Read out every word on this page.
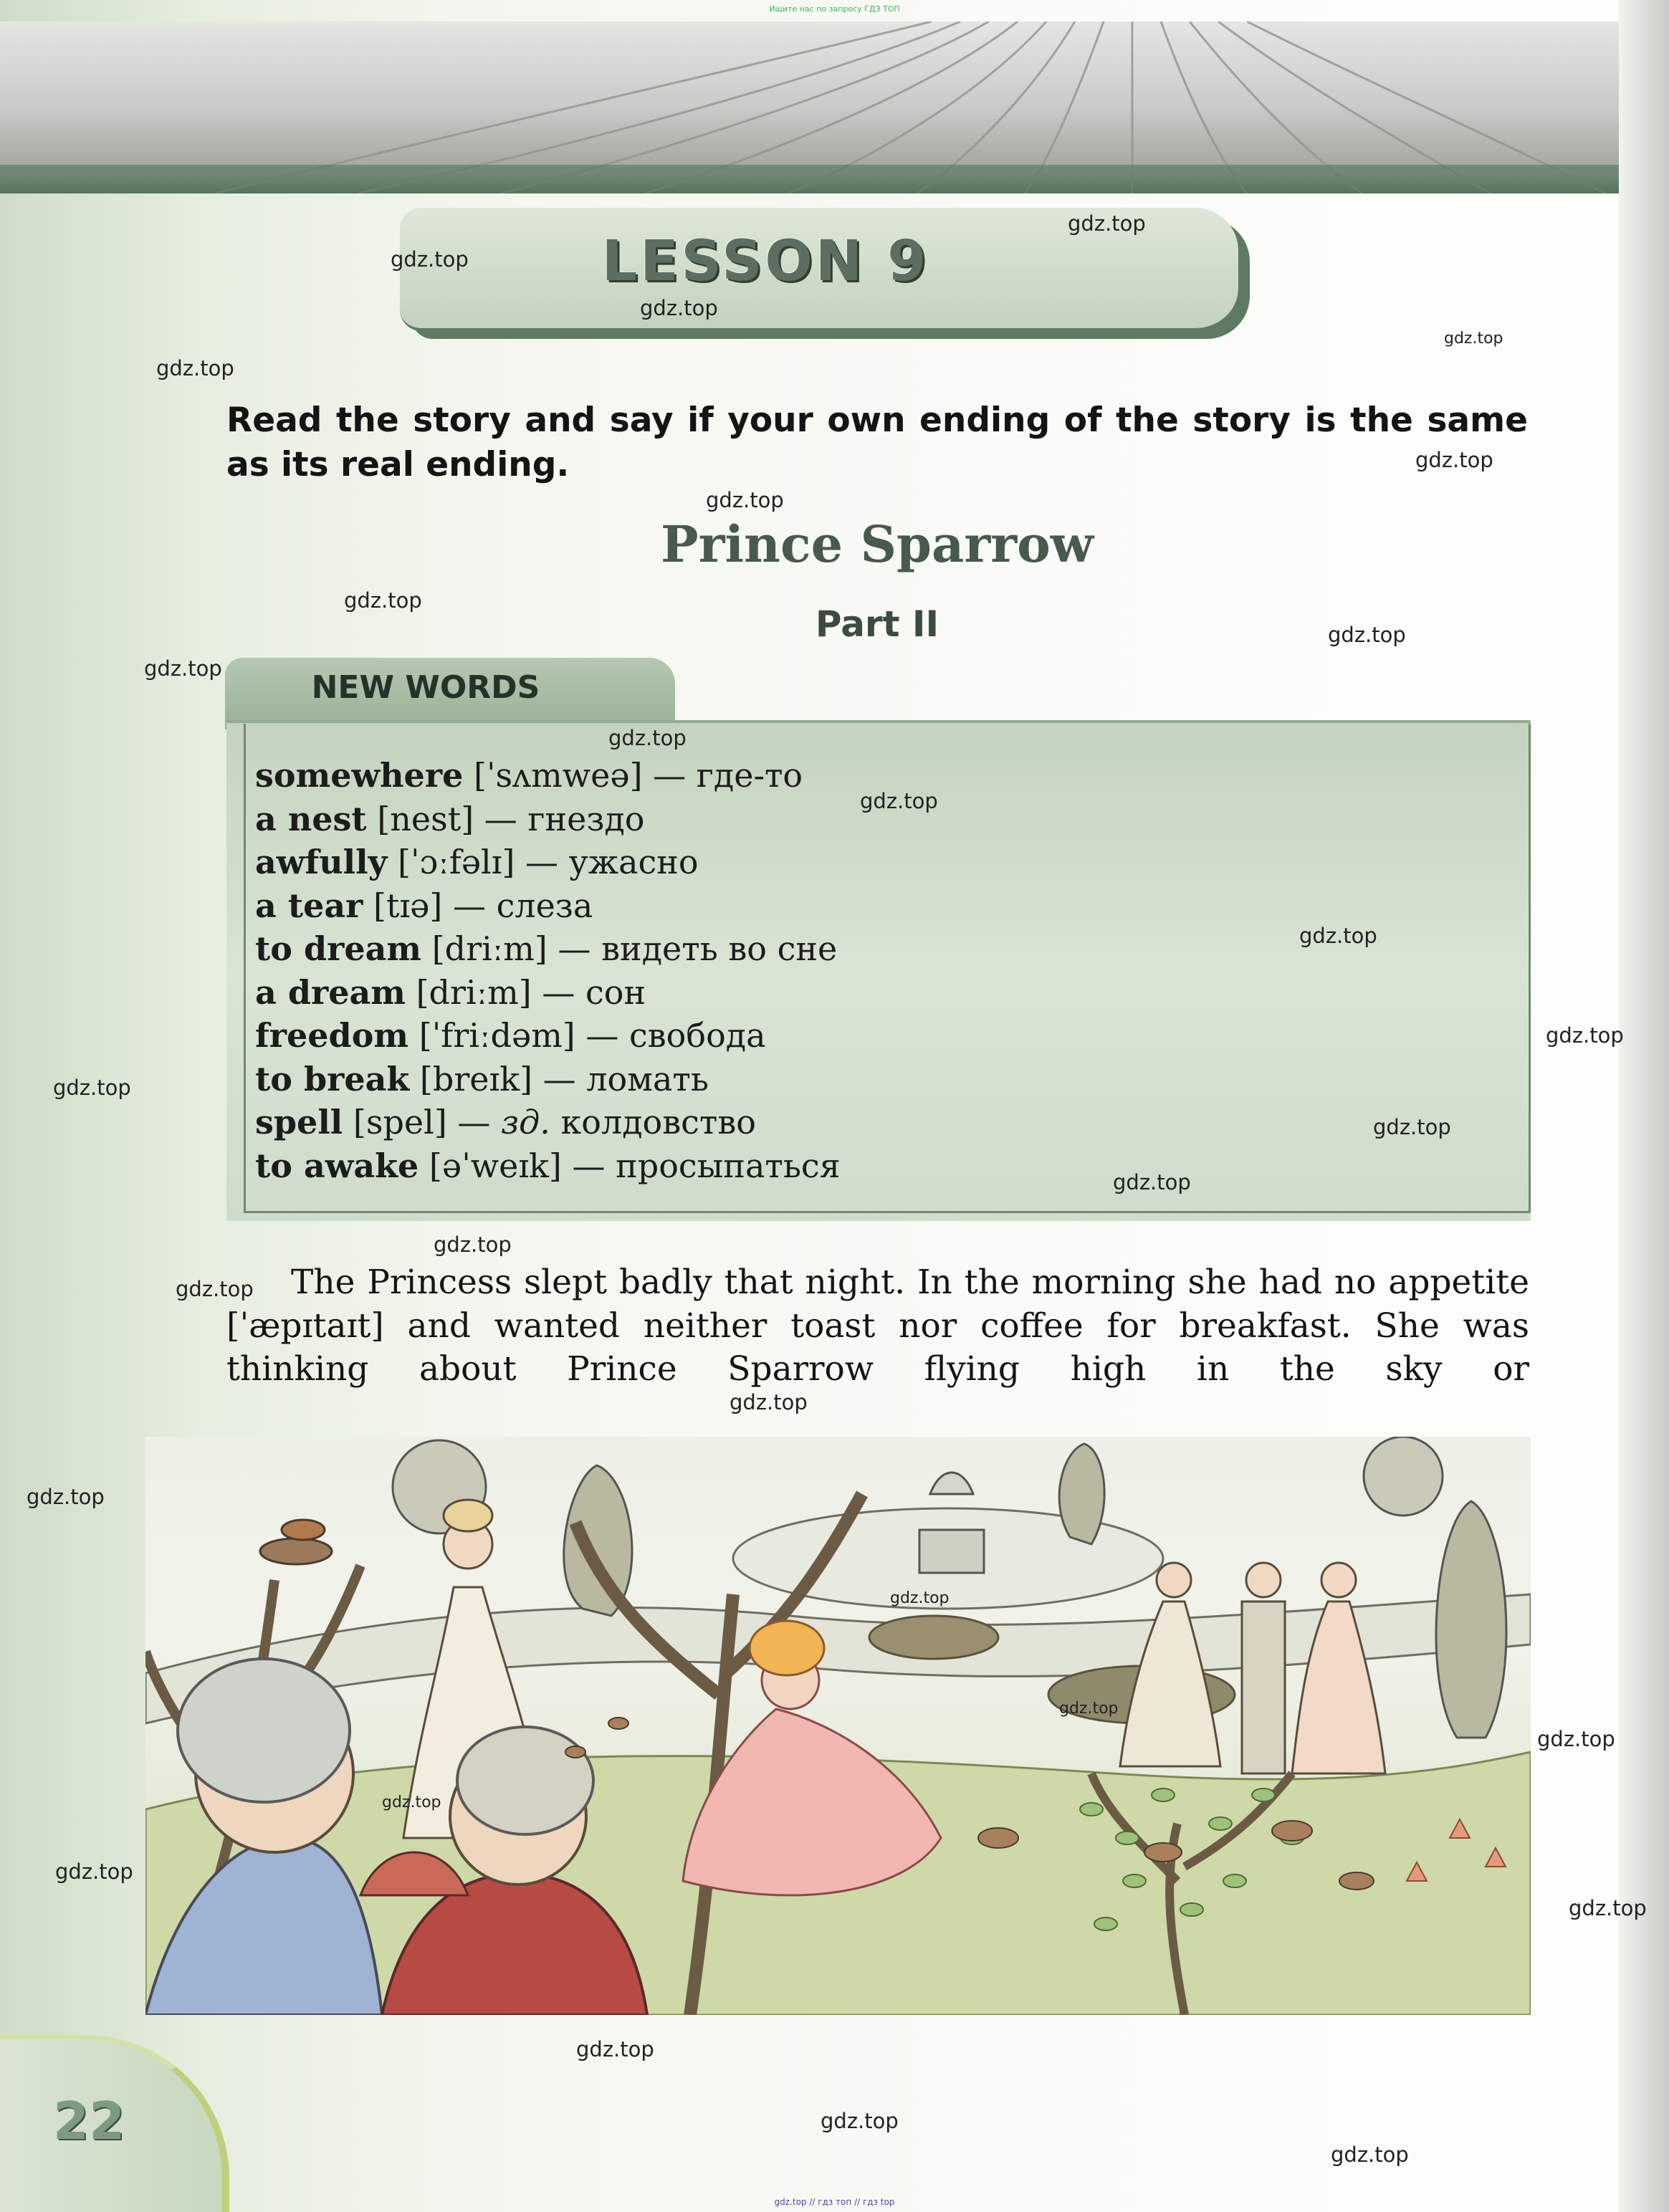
Ищите нас по запросу ГДЗ ТОП
LESSON 9
Read the story and say if your own ending of the story is the same as its real ending.
Prince Sparrow
Part II
NEW WORDS
somewhere [ˈsʌmweə] — где-то
a nest [nest] — гнездо
awfully [ˈɔːfəlɪ] — ужасно
a tear [tɪə] — слеза
to dream [driːm] — видеть во сне
a dream [driːm] — сон
freedom [ˈfriːdəm] — свобода
to break [breɪk] — ломать
spell [spel] — зд. колдовство
to awake [əˈweɪk] — просыпаться
The Princess slept badly that night. In the morning she had no appetite [ˈæpɪtaɪt] and wanted neither toast nor coffee for breakfast. She was thinking about Prince Sparrow flying high in the sky or
22
gdz.top
gdz.top
gdz.top
gdz.top
gdz.top
gdz.top
gdz.top
gdz.top
gdz.top
gdz.top
gdz.top
gdz.top
gdz.top
gdz.top
gdz.top
gdz.top
gdz.top
gdz.top
gdz.top
gdz.top
gdz.top
gdz.top
gdz.top
gdz.top
gdz.top
gdz.top
gdz.top
gdz.top
gdz.top
gdz.top
gdz.top // гдз топ // гдз top
